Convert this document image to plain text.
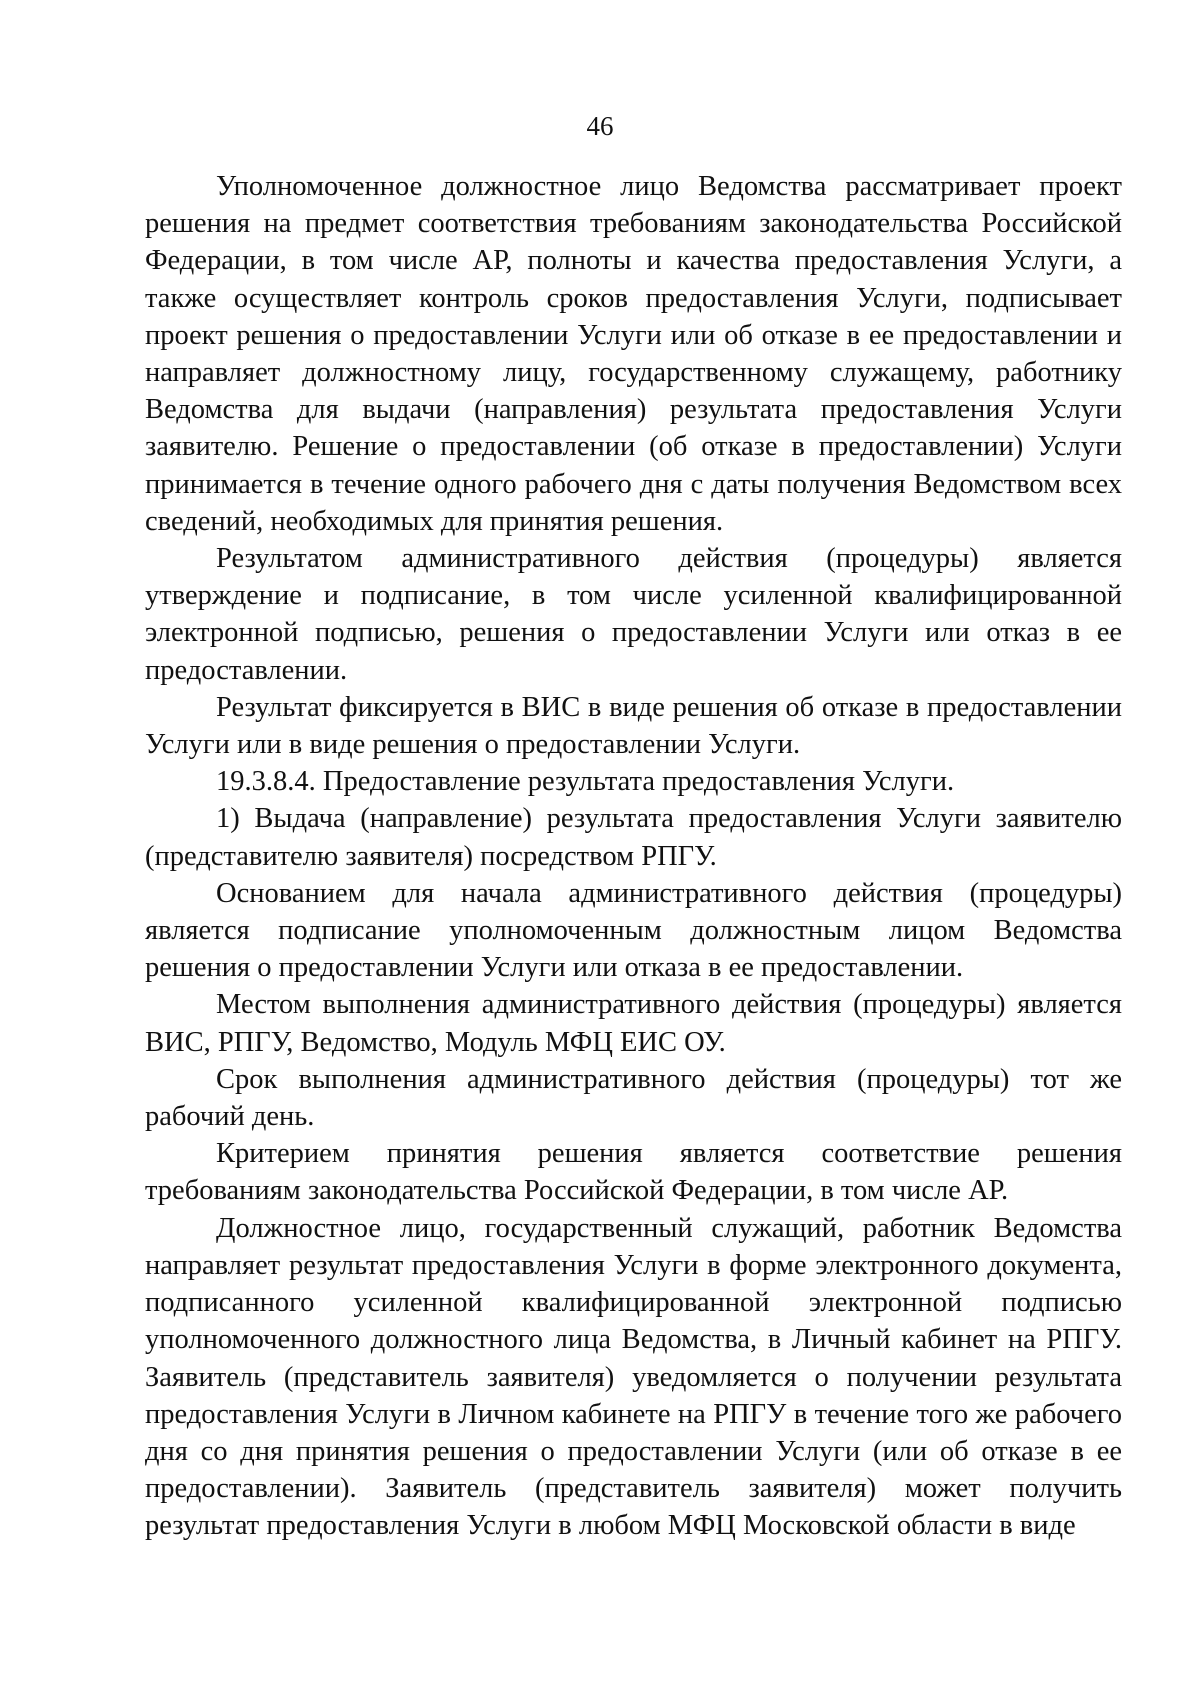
46

Уполномоченное должностное лицо Ведомства рассматривает проект решения на предмет соответствия требованиям законодательства Российской Федерации, в том числе АР, полноты и качества предоставления Услуги, а также осуществляет контроль сроков предоставления Услуги, подписывает проект решения о предоставлении Услуги или об отказе в ее предоставлении и направляет должностному лицу, государственному служащему, работнику Ведомства для выдачи (направления) результата предоставления Услуги заявителю. Решение о предоставлении (об отказе в предоставлении) Услуги принимается в течение одного рабочего дня с даты получения Ведомством всех сведений, необходимых для принятия решения.

Результатом административного действия (процедуры) является утверждение и подписание, в том числе усиленной квалифицированной электронной подписью, решения о предоставлении Услуги или отказ в ее предоставлении.

Результат фиксируется в ВИС в виде решения об отказе в предоставлении Услуги или в виде решения о предоставлении Услуги.

19.3.8.4. Предоставление результата предоставления Услуги.

1) Выдача (направление) результата предоставления Услуги заявителю (представителю заявителя) посредством РПГУ.

Основанием для начала административного действия (процедуры) является подписание уполномоченным должностным лицом Ведомства решения о предоставлении Услуги или отказа в ее предоставлении.

Местом выполнения административного действия (процедуры) является ВИС, РПГУ, Ведомство, Модуль МФЦ ЕИС ОУ.

Срок выполнения административного действия (процедуры) тот же рабочий день.

Критерием принятия решения является соответствие решения требованиям законодательства Российской Федерации, в том числе АР.

Должностное лицо, государственный служащий, работник Ведомства направляет результат предоставления Услуги в форме электронного документа, подписанного усиленной квалифицированной электронной подписью уполномоченного должностного лица Ведомства, в Личный кабинет на РПГУ. Заявитель (представитель заявителя) уведомляется о получении результата предоставления Услуги в Личном кабинете на РПГУ в течение того же рабочего дня со дня принятия решения о предоставлении Услуги (или об отказе в ее предоставлении). Заявитель (представитель заявителя) может получить результат предоставления Услуги в любом МФЦ Московской области в виде
